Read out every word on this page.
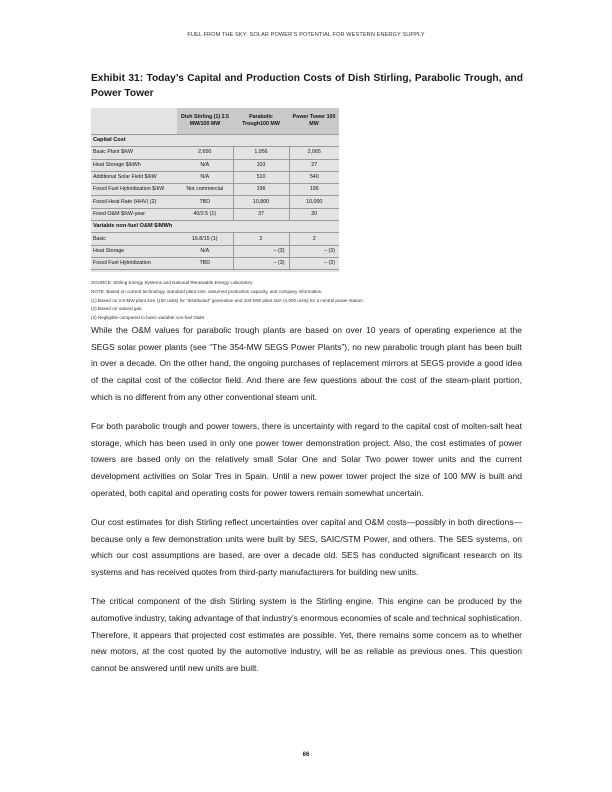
FUEL FROM THE SKY: SOLAR POWER’S POTENTIAL FOR WESTERN ENERGY SUPPLY
Exhibit 31: Today’s Capital and Production Costs of Dish Stirling, Parabolic Trough, and Power Tower
	Dish Stirling (1) 2.5 MW/100 MW	Parabolic Trough100 MW	Power Tower 100 MW
Capital Cost			
Basic Plant $/kW	2,650	1,956	2,065
Heat Storage $/kWh	N/A	103	27
Additional Solar Field $/kW	N/A	510	540
Fossil Fuel Hybridization $/kW	Not commercial	196	196
Fossil Heat Rate (HHV) (2)	TBD	10,800	10,000
Fixed O&M $/kW-year	40/2.5 (1)	37	30
Variable non-fuel O&M $/MWh			
Basic	16.8/15 (1)	2	2
Heat Storage	N/A	– (3)	– (3)
Fossil Fuel Hybridization	TBD	– (3)	– (3)
SOURCE: Stirling Energy Systems and National Renewable Energy Laboratory
NOTE: Based on current technology, standard plant size, assumed production capacity, and company information.
(1) Based on 2.5-MW plant size (100 units) for “distributed” generation and 100-MW plant size (4,000 units) for a central power station.
(2) Based on natural gas.
(3) Negligible compared to basic variable non-fuel O&M.

While the O&M values for parabolic trough plants are based on over 10 years of operating experience at the SEGS solar power plants (see “The 354-MW SEGS Power Plants”), no new parabolic trough plant has been built in over a decade. On the other hand, the ongoing purchases of replacement mirrors at SEGS provide a good idea of the capital cost of the collector field. And there are few questions about the cost of the steam-plant portion, which is no different from any other conventional steam unit.

For both parabolic trough and power towers, there is uncertainty with regard to the capital cost of molten-salt heat storage, which has been used in only one power tower demonstration project. Also, the cost estimates of power towers are based only on the relatively small Solar One and Solar Two power tower units and the current development activities on Solar Tres in Spain. Until a new power tower project the size of 100 MW is built and operated, both capital and operating costs for power towers remain somewhat uncertain.

Our cost estimates for dish Stirling reflect uncertainties over capital and O&M costs—possibly in both directions—because only a few demonstration units were built by SES, SAIC/STM Power, and others. The SES systems, on which our cost assumptions are based, are over a decade old. SES has conducted significant research on its systems and has received quotes from third-party manufacturers for building new units.

The critical component of the dish Stirling system is the Stirling engine. This engine can be produced by the automotive industry, taking advantage of that industry’s enormous economies of scale and technical sophistication. Therefore, it appears that projected cost estimates are possible. Yet, there remains some concern as to whether new motors, at the cost quoted by the automotive industry, will be as reliable as previous ones. This question cannot be answered until new units are built.

66
